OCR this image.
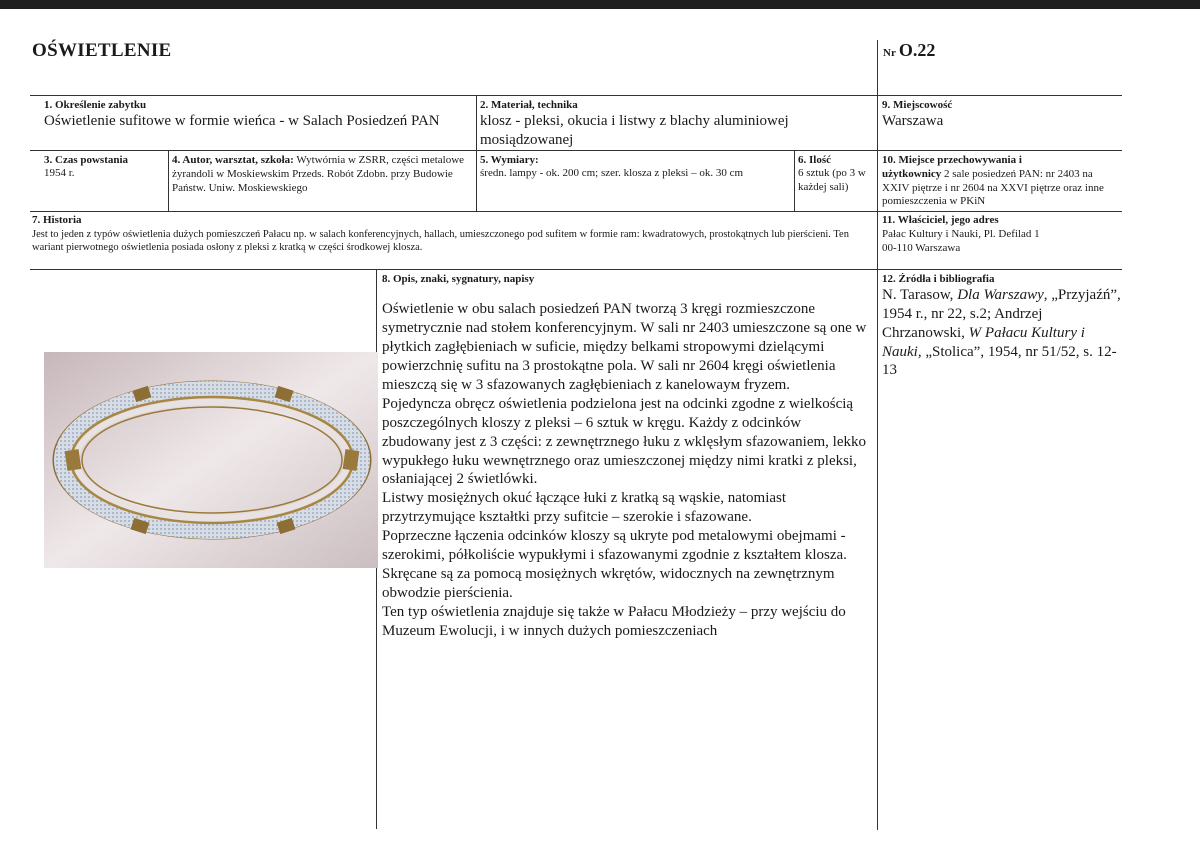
OŚWIETLENIE	Nr O.22
1. Określenie zabytku
Oświetlenie sufitowe w formie wieńca - w Salach Posiedzeń PAN
2. Materiał, technika
klosz - pleksi, okucia i listwy z blachy aluminiowej mosiądzowanej
9. Miejscowość
Warszawa
3. Czas powstania
1954 r.
4. Autor, warsztat, szkoła: Wytwórnia w ZSRR, części metalowe żyrandoli w Moskiewskim Przeds. Robót Zdobn. przy Budowie Państw. Uniw. Moskiewskiego
5. Wymiary:
średn. lampy - ok. 200 cm; szer. klosza z pleksi – ok. 30 cm
6. Ilość
6 sztuk (po 3 w każdej sali)
10. Miejsce przechowywania i
użytkownicy 2 sale posiedzeń PAN: nr 2403 na XXIV piętrze i nr 2604 na XXVI piętrze oraz inne pomieszczenia w PKiN
7. Historia
Jest to jeden z typów oświetlenia dużych pomieszczeń Pałacu np. w salach konferencyjnych, hallach, umieszczonego pod sufitem w formie ram: kwadratowych, prostokątnych lub pierścieni. Ten wariant pierwotnego oświetlenia posiada osłony z pleksi z kratką w części środkowej klosza.
11. Właściciel, jego adres
Pałac Kultury i Nauki, Pl. Defilad 1
00-110 Warszawa
8. Opis, znaki, sygnatury, napisy

Oświetlenie w obu salach posiedzeń PAN tworzą 3 kręgi rozmieszczone symetrycznie nad stołem konferencyjnym. W sali nr 2403 umieszczone są one w płytkich zagłębieniach w suficie, między belkami stropowymi dzielącymi powierzchnię sufitu na 3 prostokątne pola. W sali nr 2604 kręgi oświetlenia mieszczą się w 3 sfazowanych zagłębieniach z kanelowayм fryzem.

Pojedyncza obręcz oświetlenia podzielona jest na odcinki zgodne z wielkością poszczególnych kloszy z pleksi – 6 sztuk w kręgu. Każdy z odcinków zbudowany jest z 3 części: z zewnętrznego łuku z wklęsłym sfazowaniem, lekko wypukłego łuku wewnętrznego oraz umieszczonej między nimi kratki z pleksi, osłaniającej 2 świetlówki.

Listwy mosiężnych okuć łączące łuki z kratką są wąskie, natomiast przytrzymujące kształtki przy sufitcie – szerokie i sfazowane.

Poprzeczne łączenia odcinków kloszy są ukryte pod metalowymi obejmami - szerokimi, półkoliście wypukłymi i sfazowanymi zgodnie z kształtem klosza. Skręcane są za pomocą mosiężnych wkrętów, widocznych na zewnętrznym obwodzie pierścienia.

Ten typ oświetlenia znajduje się także w Pałacu Młodzieży – przy wejściu do Muzeum Ewolucji, i w innych dużych pomieszczeniach

12. Źródła i bibliografia
N. Tarasow, Dla Warszawy, „Przyjaźń”, 1954 r., nr 22, s.2; Andrzej Chrzanowski, W Pałacu Kultury i Nauki, „Stolica”, 1954, nr 51/52, s. 12-13
